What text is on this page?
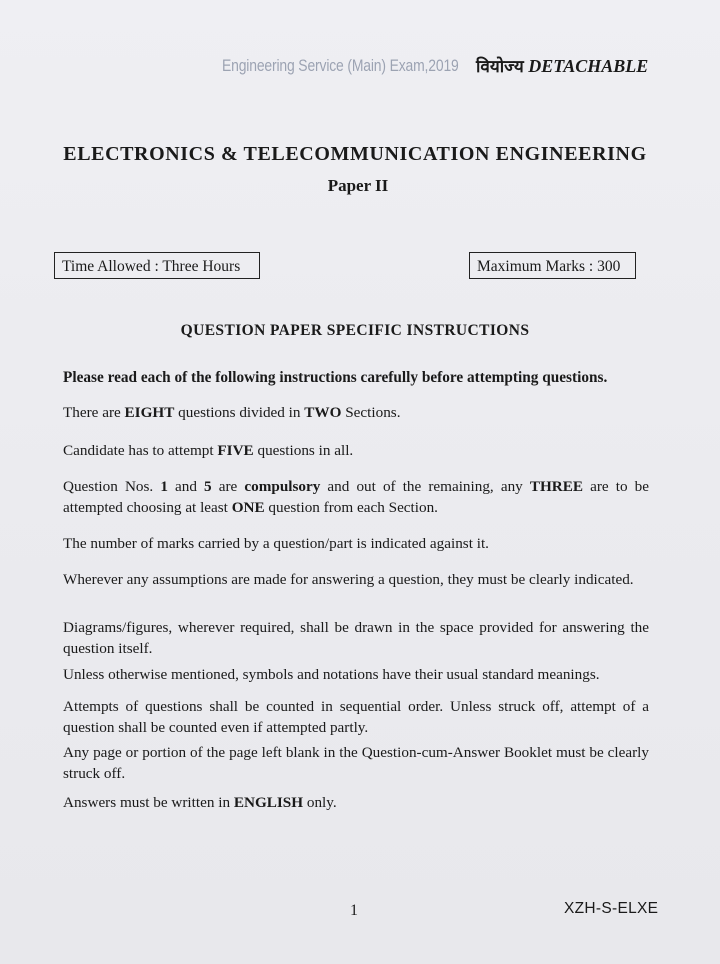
Engineering Service (Main) Exam,2019 वियोज्य DETACHABLE
ELECTRONICS & TELECOMMUNICATION ENGINEERING
Paper II
Time Allowed : Three Hours	Maximum Marks : 300
QUESTION PAPER SPECIFIC INSTRUCTIONS
Please read each of the following instructions carefully before attempting questions.
There are EIGHT questions divided in TWO Sections.
Candidate has to attempt FIVE questions in all.
Question Nos. 1 and 5 are compulsory and out of the remaining, any THREE are to be attempted choosing at least ONE question from each Section.
The number of marks carried by a question/part is indicated against it.
Wherever any assumptions are made for answering a question, they must be clearly indicated.
Diagrams/figures, wherever required, shall be drawn in the space provided for answering the question itself.
Unless otherwise mentioned, symbols and notations have their usual standard meanings.
Attempts of questions shall be counted in sequential order. Unless struck off, attempt of a question shall be counted even if attempted partly.
Any page or portion of the page left blank in the Question-cum-Answer Booklet must be clearly struck off.
Answers must be written in ENGLISH only.
1	XZH-S-ELXE
